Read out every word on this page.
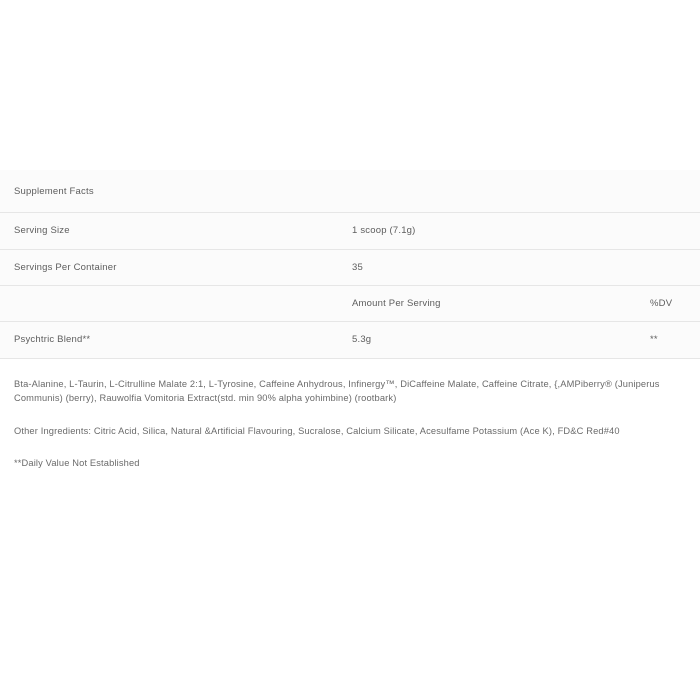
Supplement Facts		
Serving Size	1 scoop (7.1g)	
Servings Per Container	35	
	Amount Per Serving	%DV
Psychtric Blend**	5.3g	**

Bta-Alanine, L-Taurin, L-Citrulline Malate 2:1, L-Tyrosine, Caffeine Anhydrous, Infinergy™, DiCaffeine Malate, Caffeine Citrate, {,AMPiberry® (Juniperus Communis) (berry), Rauwolfia Vomitoria Extract(std. min 90% alpha yohimbine) (rootbark)

Other Ingredients: Citric Acid, Silica, Natural &Artificial Flavouring, Sucralose, Calcium Silicate, Acesulfame Potassium (Ace K), FD&C Red#40

**Daily Value Not Established
